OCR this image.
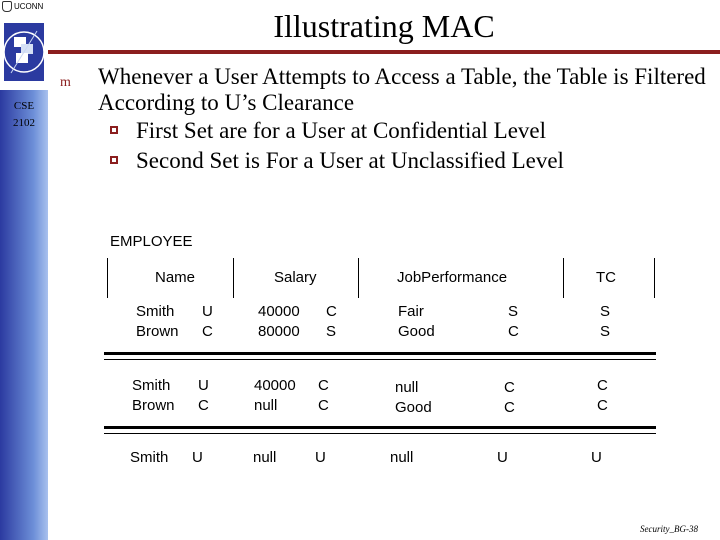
UCONN
CSE
2102
Illustrating MAC
m Whenever a User Attempts to Access a Table, the Table is Filtered According to U’s Clearance
First Set are for a User at Confidential Level
Second Set is For a User at Unclassified Level
EMPLOYEE
Name	Salary	JobPerformance	TC
Smith U	40000 C	Fair	S	S
Brown C	80000 S	Good	C	S
Smith U	40000 C	null	C	C
Brown C	null	C	Good	C	C
Smith U	null	U	null	U	U
Security_BG-38
